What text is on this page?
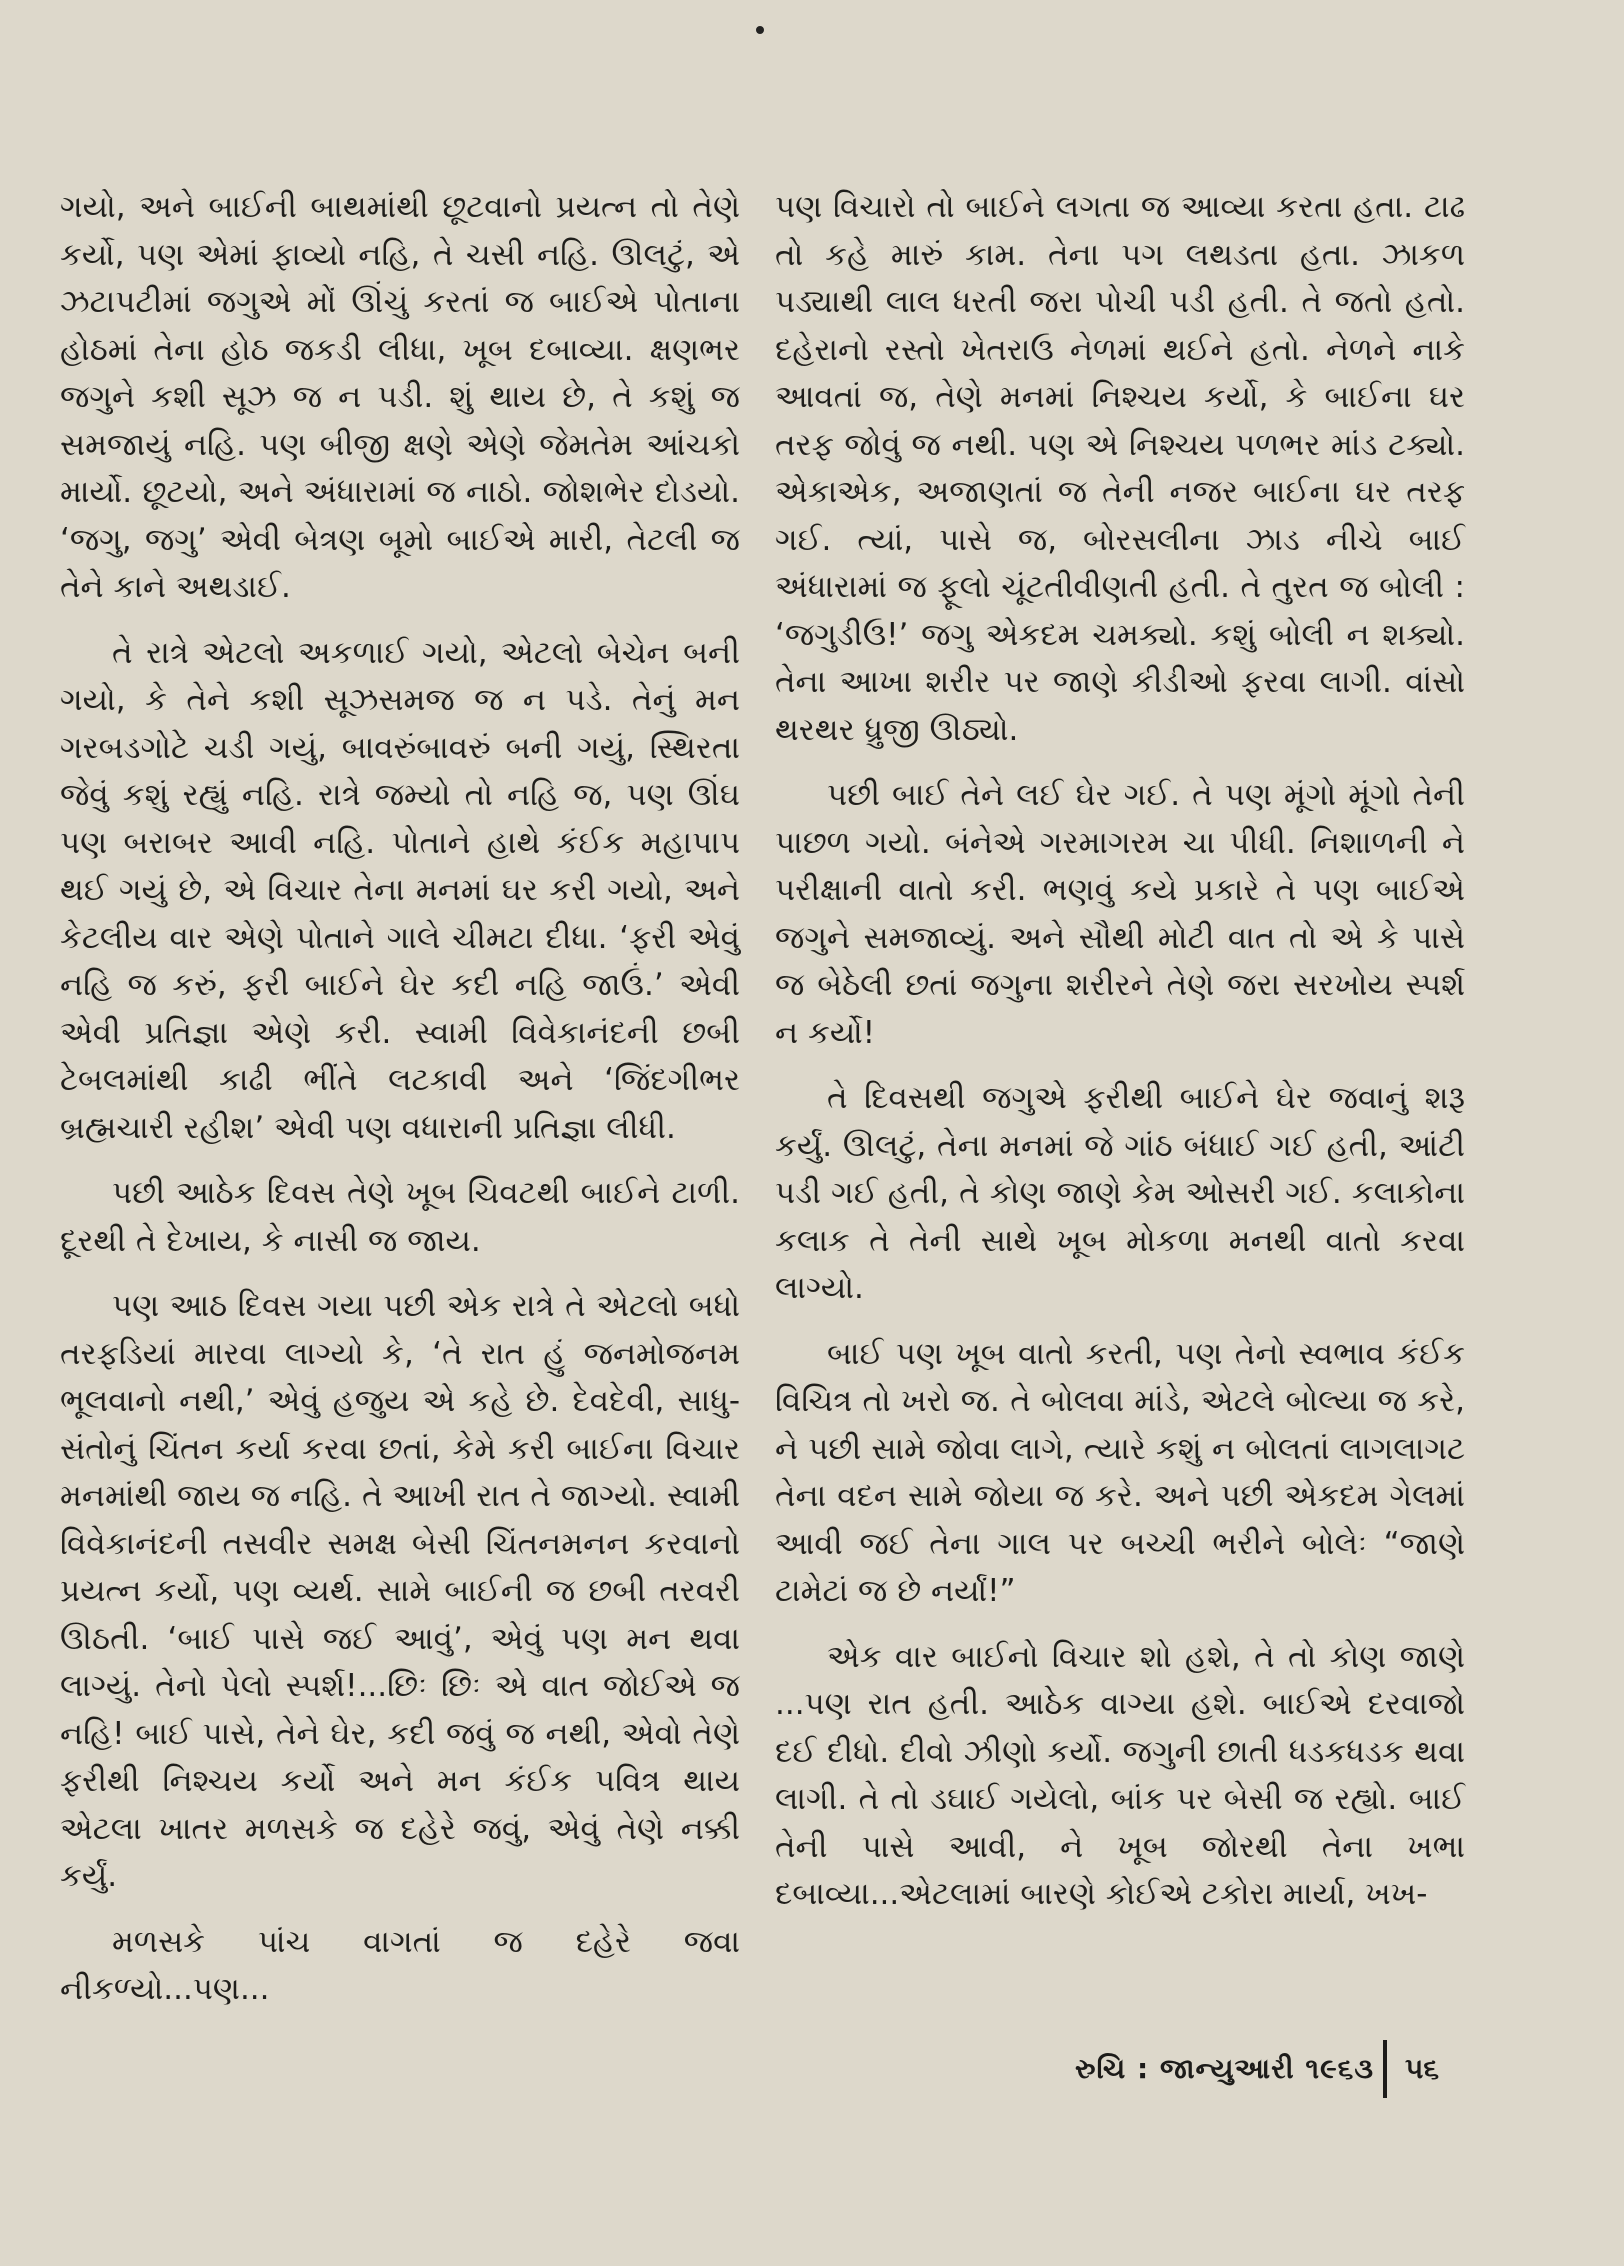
ગયો, અને બાઈની બાથમાંથી છૂટવાનો પ્રયત્ન તો તેણે કર્યો, પણ એમાં ફાવ્યો નહિ, તે ચસી નહિ. ઊલટું, એ ઝટાપટીમાં જગુએ મોં ઊંચું કરતાં જ બાઈએ પોતાના હોઠમાં તેના હોઠ જકડી લીધા, ખૂબ દબાવ્યા. ક્ષણભર જગુને કશી સૂઝ જ ન પડી. શું થાય છે, તે કશું જ સમજાયું નહિ. પણ બીજી ક્ષણે એણે જેમતેમ આંચકો માર્યો. છૂટયો, અને અંધારામાં જ નાઠો. જોશભેર દોડયો. ‘જગુ, જગુ’ એવી બેત્રણ બૂમો બાઈએ મારી, તેટલી જ તેને કાને અથડાઈ.

તે રાત્રે એટલો અકળાઈ ગયો, એટલો બેચેન બની ગયો, કે તેને કશી સૂઝસમજ જ ન પડે. તેનું મન ગરબડગોટે ચડી ગયું, બાવરુંબાવરું બની ગયું, સ્થિરતા જેવું કશું રહ્યું નહિ. રાત્રે જમ્યો તો નહિ જ, પણ ઊંઘ પણ બરાબર આવી નહિ. પોતાને હાથે કંઈક મહાપાપ થઈ ગયું છે, એ વિચાર તેના મનમાં ઘર કરી ગયો, અને કેટલીય વાર એણે પોતાને ગાલે ચીમટા દીધા. ‘ફરી એવું નહિ જ કરું, ફરી બાઈને ઘેર કદી નહિ જાઉં.’ એવી એવી પ્રતિજ્ઞા એણે કરી. સ્વામી વિવેકાનંદની છબી ટેબલમાંથી કાઢી ભીંતે લટકાવી અને ‘જિંદગીભર બ્રહ્મચારી રહીશ’ એવી પણ વધારાની પ્રતિજ્ઞા લીધી.

પછી આઠેક દિવસ તેણે ખૂબ ચિવટથી બાઈને ટાળી. દૂરથી તે દેખાય, કે નાસી જ જાય.

પણ આઠ દિવસ ગયા પછી એક રાત્રે તે એટલો બધો તરફડિયાં મારવા લાગ્યો કે, ‘તે રાત હું જનમોજનમ ભૂલવાનો નથી,’ એવું હજુય એ કહે છે. દેવદેવી, સાધુ-સંતોનું ચિંતન કર્યા કરવા છતાં, કેમે કરી બાઈના વિચાર મનમાંથી જાય જ નહિ. તે આખી રાત તે જાગ્યો. સ્વામી વિવેકાનંદની તસવીર સમક્ષ બેસી ચિંતનમનન કરવાનો પ્રયત્ન કર્યો, પણ વ્યર્થ. સામે બાઈની જ છબી તરવરી ઊઠતી. ‘બાઈ પાસે જઈ આવું’, એવું પણ મન થવા લાગ્યું. તેનો પેલો સ્પર્શ!...છિઃ છિઃ એ વાત જોઈએ જ નહિ! બાઈ પાસે, તેને ઘેર, કદી જવું જ નથી, એવો તેણે ફરીથી નિશ્ચય કર્યો અને મન કંઈક પવિત્ર થાય એટલા ખાતર મળસકે જ દહેરે જવું, એવું તેણે નક્કી કર્યું.

મળસકે પાંચ વાગતાં જ દહેરે જવા નીકળ્યો...પણ...

પણ વિચારો તો બાઈને લગતા જ આવ્યા કરતા હતા. ટાઢ તો કહે મારું કામ. તેના પગ લથડતા હતા. ઝાકળ પડ્યાથી લાલ ધરતી જરા પોચી પડી હતી. તે જતો હતો. દહેરાનો રસ્તો ખેતરાઉ નેળમાં થઈને હતો. નેળને નાકે આવતાં જ, તેણે મનમાં નિશ્ચય કર્યો, કે બાઈના ઘર તરફ જોવું જ નથી. પણ એ નિશ્ચય પળભર માંડ ટક્યો. એકાએક, અજાણતાં જ તેની નજર બાઈના ઘર તરફ ગઈ. ત્યાં, પાસે જ, બોરસલીના ઝાડ નીચે બાઈ અંધારામાં જ ફૂલો ચૂંટતીવીણતી હતી. તે તુરત જ બોલી : ‘જગુડીઉ!’ જગુ એકદમ ચમક્યો. કશું બોલી ન શક્યો. તેના આખા શરીર પર જાણે કીડીઓ ફરવા લાગી. વાંસો થરથર ધ્રુજી ઊઠ્યો.

પછી બાઈ તેને લઈ ઘેર ગઈ. તે પણ મૂંગો મૂંગો તેની પાછળ ગયો. બંનેએ ગરમાગરમ ચા પીધી. નિશાળની ને પરીક્ષાની વાતો કરી. ભણવું કયે પ્રકારે તે પણ બાઈએ જગુને સમજાવ્યું. અને સૌથી મોટી વાત તો એ કે પાસે જ બેઠેલી છતાં જગુના શરીરને તેણે જરા સરખોય સ્પર્શ ન કર્યો!

તે દિવસથી જગુએ ફરીથી બાઈને ઘેર જવાનું શરૂ કર્યું. ઊલટું, તેના મનમાં જે ગાંઠ બંધાઈ ગઈ હતી, આંટી પડી ગઈ હતી, તે કોણ જાણે કેમ ઓસરી ગઈ. કલાકોના કલાક તે તેની સાથે ખૂબ મોકળા મનથી વાતો કરવા લાગ્યો.

બાઈ પણ ખૂબ વાતો કરતી, પણ તેનો સ્વભાવ કંઈક વિચિત્ર તો ખરો જ. તે બોલવા માંડે, એટલે બોલ્યા જ કરે, ને પછી સામે જોવા લાગે, ત્યારે કશું ન બોલતાં લાગલાગટ તેના વદન સામે જોયા જ કરે. અને પછી એકદમ ગેલમાં આવી જઈ તેના ગાલ પર બચ્ચી ભરીને બોલેઃ “જાણે ટામેટાં જ છે નર્યાં!”

એક વાર બાઈનો વિચાર શો હશે, તે તો કોણ જાણે ...પણ રાત હતી. આઠેક વાગ્યા હશે. બાઈએ દરવાજો દઈ દીધો. દીવો ઝીણો કર્યો. જગુની છાતી ધડકધડક થવા લાગી. તે તો ડઘાઈ ગયેલો, બાંક પર બેસી જ રહ્યો. બાઈ તેની પાસે આવી, ને ખૂબ જોરથી તેના ખભા દબાવ્યા...એટલામાં બારણે કોઈએ ટકોરા માર્યા, ખખ-

રુચિ : જાન્યુઆરી ૧૯૬૩ ૫૬
